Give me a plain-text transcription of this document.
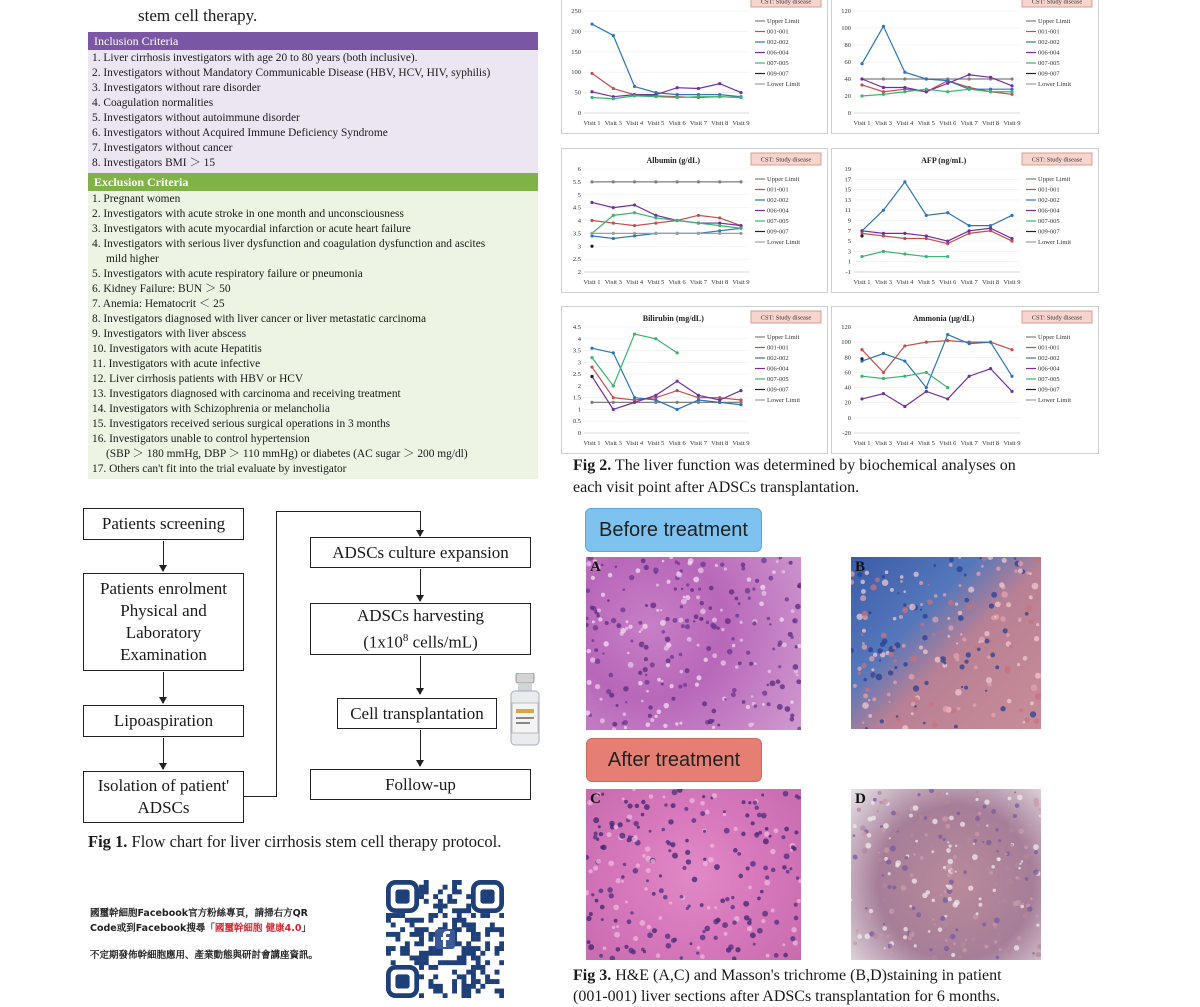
stem cell therapy.
Inclusion Criteria
1. Liver cirrhosis investigators with age 20 to 80 years (both inclusive).
2. Investigators without Mandatory Communicable Disease (HBV, HCV, HIV, syphilis)
3. Investigators without rare disorder
4. Coagulation normalities
5. Investigators without autoimmune disorder
6. Investigators without Acquired Immune Deficiency Syndrome
7. Investigators without cancer
8. Investigators BMI ＞ 15
Exclusion Criteria
1. Pregnant women
2. Investigators with acute stroke in one month and unconsciousness
3. Investigators with acute myocardial infarction or acute heart failure
4. Investigators with serious liver dysfunction and coagulation dysfunction and ascites
mild higher
5. Investigators with acute respiratory failure or pneumonia
6. Kidney Failure: BUN ＞ 50
7. Anemia: Hematocrit ＜ 25
8. Investigators diagnosed with liver cancer or liver metastatic carcinoma
9. Investigators with liver abscess
10. Investigators with acute Hepatitis
11. Investigators with acute infective
12. Liver cirrhosis patients with HBV or HCV
13. Investigators diagnosed with carcinoma and receiving treatment
14. Investigators with Schizophrenia or melancholia
15. Investigators received serious surgical operations in 3 months
16. Investigators unable to control hypertension
(SBP ＞ 180 mmHg, DBP ＞ 110 mmHg) or diabetes (AC sugar ＞ 200 mg/dl)
17. Others can't fit into the trial evaluate by investigator
Patients screening
Patients enrolment
Physical and
Laboratory
Examination
Lipoaspiration
Isolation of patient'
ADSCs
ADSCs culture expansion
ADSCs harvesting
($1x10^8$ cells/mL)
Cell transplantation
Follow-up
Fig 1. Flow chart for liver cirrhosis stem cell therapy protocol.
國璽幹細胞Facebook官方粉絲專頁，請掃右方QR
Code或到Facebook搜尋「國璽幹細胞 健康4.0」
不定期發佈幹細胞應用、產業動態與研討會講座資訊。
CST: Study disease
0
50
100
150
200
250
Visit 1 Visit 3 Visit 4 Visit 5 Visit 6 Visit 7 Visit 8 Visit 9
Upper Limit
001-001
002-002
006-004
007-005
009-007
Lower Limit
CST: Study disease
0
20
40
60
80
100
120
Visit 1 Visit 3 Visit 4 Visit 5 Visit 6 Visit 7 Visit 8 Visit 9
Upper Limit
001-001
002-002
006-004
007-005
009-007
Lower Limit
Albumin (g/dL)	CST: Study disease
2
2.5
3
3.5
4
4.5
5
5.5
6
Visit 1 Visit 3 Visit 4 Visit 5 Visit 6 Visit 7 Visit 8 Visit 9
Upper Limit
001-001
002-002
006-004
007-005
009-007
Lower Limit
AFP (ng/mL)	CST: Study disease
-1
1
3
5
7
9
11
13
15
17
19
Visit 1 Visit 3 Visit 4 Visit 5 Visit 6 Visit 7 Visit 8 Visit 9
Upper Limit
001-001
002-002
006-004
007-005
009-007
Lower Limit
Bilirubin (mg/dL)	CST: Study disease
0
0.5
1
1.5
2
2.5
3
3.5
4
4.5
Visit 1 Visit 3 Visit 4 Visit 5 Visit 6 Visit 7 Visit 8 Visit 9
Upper Limit
001-001
002-002
006-004
007-005
009-007
Lower Limit
Ammonia (μg/dL)	CST: Study disease
-20
0
20
40
60
80
100
120
Visit 1 Visit 3 Visit 4 Visit 5 Visit 6 Visit 7 Visit 8 Visit 9
Upper Limit
001-001
002-002
006-004
007-005
009-007
Lower Limit
Fig 2. The liver function was determined by biochemical analyses on
each visit point after ADSCs transplantation.
Before treatment
A	B
After treatment
C	D
Fig 3. H&E (A,C) and Masson's trichrome (B,D)staining in patient
(001-001) liver sections after ADSCs transplantation for 6 months.
